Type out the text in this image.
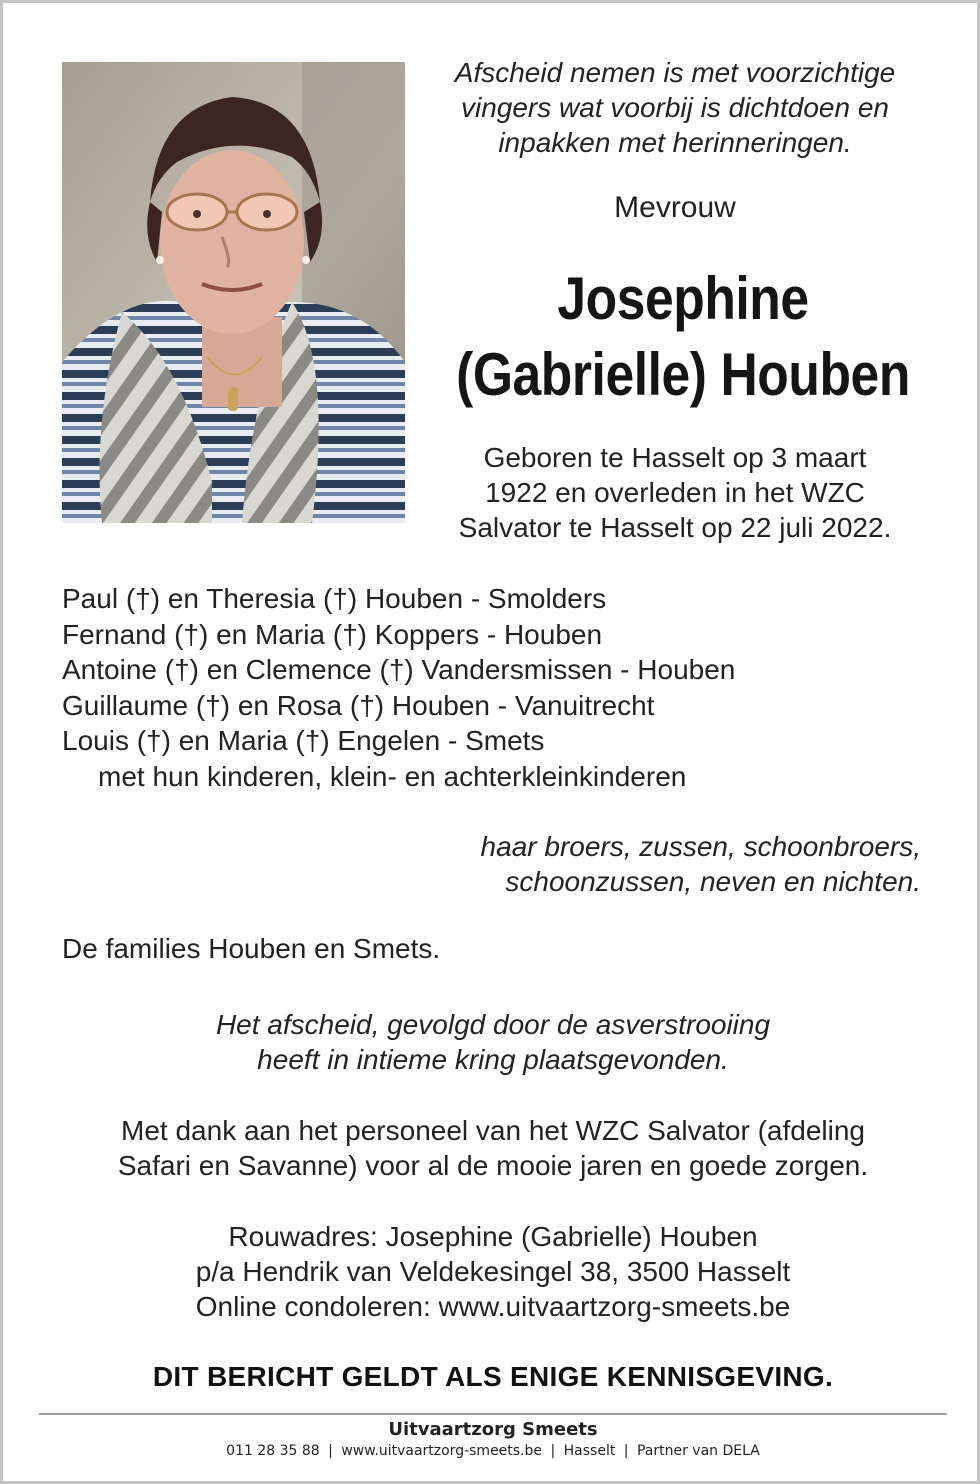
Afscheid nemen is met voorzichtige
vingers wat voorbij is dichtdoen en
inpakken met herinneringen.
Mevrouw
Josephine
(Gabrielle) Houben
Geboren te Hasselt op 3 maart
1922 en overleden in het WZC
Salvator te Hasselt op 22 juli 2022.
Paul (†) en Theresia (†) Houben - Smolders
Fernand (†) en Maria (†) Koppers - Houben
Antoine (†) en Clemence (†) Vandersmissen - Houben
Guillaume (†) en Rosa (†) Houben - Vanuitrecht
Louis (†) en Maria (†) Engelen - Smets
met hun kinderen, klein- en achterkleinkinderen
haar broers, zussen, schoonbroers,
schoonzussen, neven en nichten.
De families Houben en Smets.
Het afscheid, gevolgd door de asverstrooiing
heeft in intieme kring plaatsgevonden.
Met dank aan het personeel van het WZC Salvator (afdeling
Safari en Savanne) voor al de mooie jaren en goede zorgen.
Rouwadres: Josephine (Gabrielle) Houben
p/a Hendrik van Veldekesingel 38, 3500 Hasselt
Online condoleren: www.uitvaartzorg-smeets.be
DIT BERICHT GELDT ALS ENIGE KENNISGEVING.
Uitvaartzorg Smeets
011 28 35 88 | www.uitvaartzorg-smeets.be | Hasselt | Partner van DELA
